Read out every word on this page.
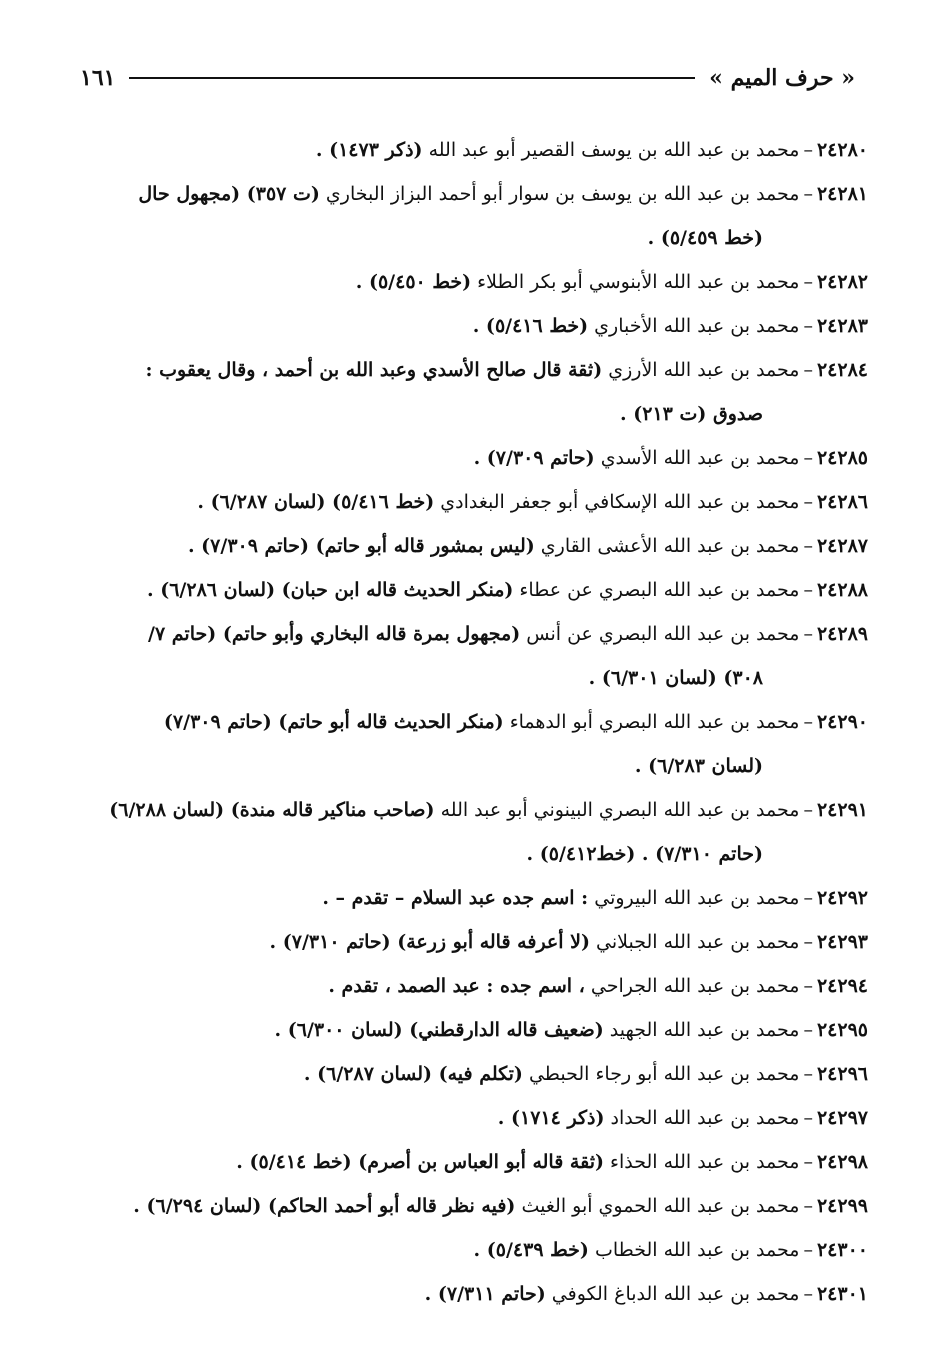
« حرف الميم »
١٦١

٢٤٢٨٠–محمد بن عبد الله بن يوسف القصير أبو عبد الله (ذكر ١٤٧٣) .

٢٤٢٨١–محمد بن عبد الله بن يوسف بن سوار أبو أحمد البزاز البخاري (ت ٣٥٧) (مجهول حال
(خط ٥/٤٥٩) .

٢٤٢٨٢–محمد بن عبد الله الأبنوسي أبو بكر الطلاء (خط ٥/٤٥٠) .

٢٤٢٨٣–محمد بن عبد الله الأخباري (خط ٥/٤١٦) .

٢٤٢٨٤–محمد بن عبد الله الأرزي (ثقة قال صالح الأسدي وعبد الله بن أحمد ، وقال يعقوب :
صدوق (ت ٢١٣) .

٢٤٢٨٥–محمد بن عبد الله الأسدي (حاتم ٧/٣٠٩) .

٢٤٢٨٦–محمد بن عبد الله الإسكافي أبو جعفر البغدادي (خط ٥/٤١٦) (لسان ٦/٢٨٧) .

٢٤٢٨٧–محمد بن عبد الله الأعشى القاري (ليس بمشور قاله أبو حاتم) (حاتم ٧/٣٠٩) .

٢٤٢٨٨–محمد بن عبد الله البصري عن عطاء (منكر الحديث قاله ابن حبان) (لسان ٦/٢٨٦) .

٢٤٢٨٩–محمد بن عبد الله البصري عن أنس (مجهول بمرة قاله البخاري وأبو حاتم) (حاتم ٧/
٣٠٨) (لسان ٦/٣٠١) .

٢٤٢٩٠–محمد بن عبد الله البصري أبو الدهماء (منكر الحديث قاله أبو حاتم) (حاتم ٧/٣٠٩)
(لسان ٦/٢٨٣) .

٢٤٢٩١–محمد بن عبد الله البصري البينوني أبو عبد الله (صاحب مناكير قاله مندة) (لسان ٦/٢٨٨)
(حاتم ٧/٣١٠) . (خط٥/٤١٢) .

٢٤٢٩٢–محمد بن عبد الله البيروتي : اسم جده عبد السلام – تقدم – .

٢٤٢٩٣–محمد بن عبد الله الجبلاني (لا أعرفه قاله أبو زرعة) (حاتم ٧/٣١٠) .

٢٤٢٩٤–محمد بن عبد الله الجراحي ، اسم جده : عبد الصمد ، تقدم .

٢٤٢٩٥–محمد بن عبد الله الجهيد (ضعيف قاله الدارقطني) (لسان ٦/٣٠٠) .

٢٤٢٩٦–محمد بن عبد الله أبو رجاء الحبطي (تكلم فيه) (لسان ٦/٢٨٧) .

٢٤٢٩٧–محمد بن عبد الله الحداد (ذكر ١٧١٤) .

٢٤٢٩٨–محمد بن عبد الله الحذاء (ثقة قاله أبو العباس بن أصرم) (خط ٥/٤١٤) .

٢٤٢٩٩–محمد بن عبد الله الحموي أبو الغيث (فيه نظر قاله أبو أحمد الحاكم) (لسان ٦/٢٩٤) .

٢٤٣٠٠–محمد بن عبد الله الخطاب (خط ٥/٤٣٩) .

٢٤٣٠١–محمد بن عبد الله الدباغ الكوفي (حاتم ٧/٣١١) .
